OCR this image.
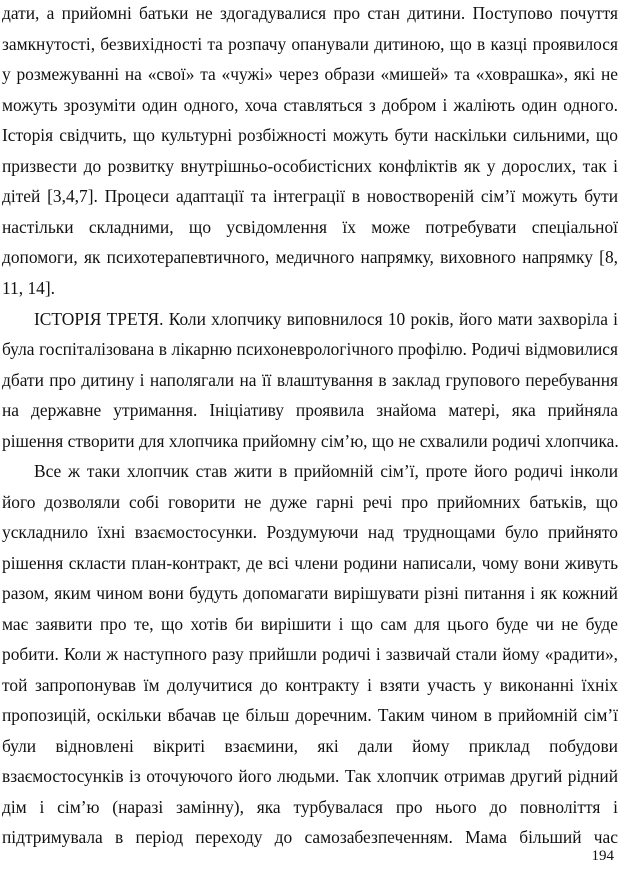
дати, а прийомні батьки не здогадувалися про стан дитини. Поступово почуття
замкнутості, безвихідності та розпачу опанували дитиною, що в казці проявилося
у розмежуванні на «свої» та «чужі» через образи «мишей» та «ховрашка», які не
можуть зрозуміти один одного, хоча ставляться з добром і жаліють один одного.
Історія свідчить, що культурні розбіжності можуть бути наскільки сильними, що
призвести до розвитку внутрішньо-особистісних конфліктів як у дорослих, так і
дітей [3,4,7]. Процеси адаптації та інтеграції в новоствореній сім’ї можуть бути
настільки складними, що усвідомлення їх може потребувати спеціальної
допомоги, як психотерапевтичного, медичного напрямку, виховного напрямку [8,
11, 14].
ІСТОРІЯ ТРЕТЯ. Коли хлопчику виповнилося 10 років, його мати захворіла і
була госпіталізована в лікарню психоневрологічного профілю. Родичі відмовилися
дбати про дитину і наполягали на її влаштування в заклад групового перебування
на державне утримання. Ініціативу проявила знайома матері, яка прийняла
рішення створити для хлопчика прийомну сім’ю, що не схвалили родичі хлопчика.
Все ж таки хлопчик став жити в прийомній сім’ї, проте його родичі інколи
його дозволяли собі говорити не дуже гарні речі про прийомних батьків, що
ускладнило їхні взаємостосунки. Роздумуючи над труднощами було прийнято
рішення скласти план-контракт, де всі члени родини написали, чому вони живуть
разом, яким чином вони будуть допомагати вирішувати різні питання і як кожний
має заявити про те, що хотів би вирішити і що сам для цього буде чи не буде
робити. Коли ж наступного разу прийшли родичі і зазвичай стали йому «радити»,
той запропонував їм долучитися до контракту і взяти участь у виконанні їхніх
пропозицій, оскільки вбачав це більш доречним. Таким чином в прийомній сім’ї
були відновлені вікриті взаємини, які дали йому приклад побудови
взаємостосунків із оточуючого його людьми. Так хлопчик отримав другий рідний
дім і сім’ю (наразі замінну), яка турбувалася про нього до повноліття і
підтримувала в період переходу до самозабезпеченням. Мама більший час
194
